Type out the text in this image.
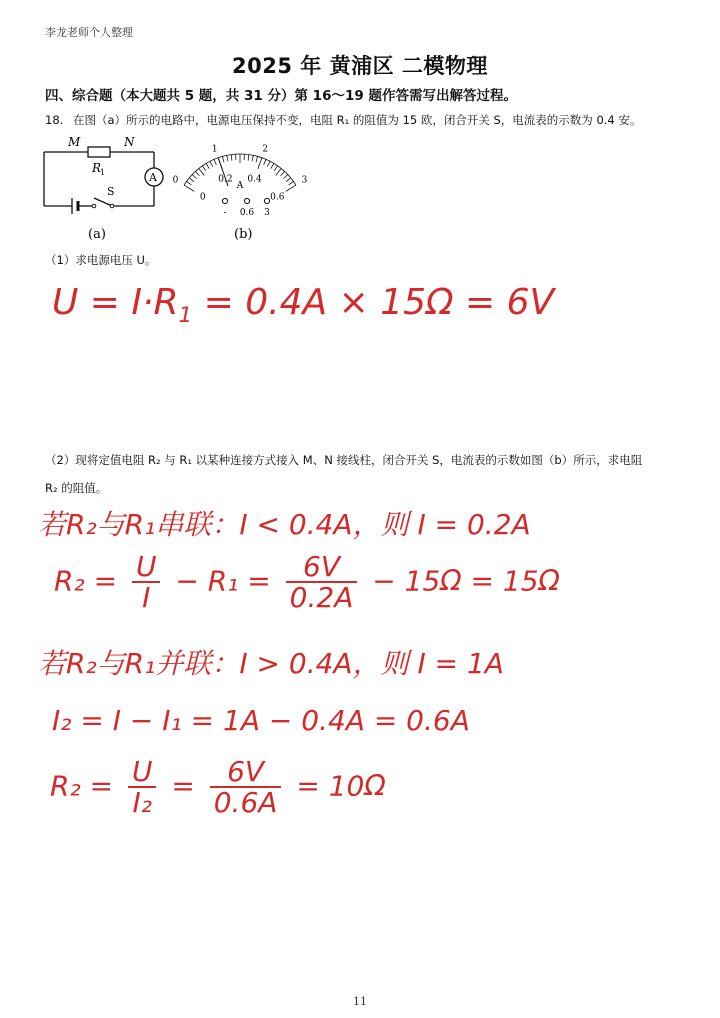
李龙老师个人整理
2025 年 黄浦区 二模物理
四、综合题（本大题共 5 题，共 31 分）第 16～19 题作答需写出解答过程。
18. 在图（a）所示的电路中，电源电压保持不变，电阻 R₁ 的阻值为 15 欧，闭合开关 S，电流表的示数为 0.4 安。
M	N
R
1	A
S
(a)
0
1	2
3
0
0.2 0.4
0.6
A
- 0.6 3
(b)
（1）求电源电压 U。
$U = I\cdot R_1 = 0.4A \times 15\Omega = 6V$
（2）现将定值电阻 R₂ 与 R₁ 以某种连接方式接入 M、N 接线柱，闭合开关 S，电流表的示数如图（b）所示，求电阻
R₂ 的阻值。
若R₂与R₁串联：I < 0.4A，则 I = 0.2A
$R_2 = \frac{U}{I} - R_1 = \frac{6V}{0.2A} - 15\Omega = 15\Omega$
若R₂与R₁并联：I > 0.4A，则 I = 1A
I₂ = I − I₁ = 1A − 0.4A = 0.6A
$R_2 = \frac{U}{\text{I₂}} = \frac{6V}{0.6A} = 10\Omega$
11
